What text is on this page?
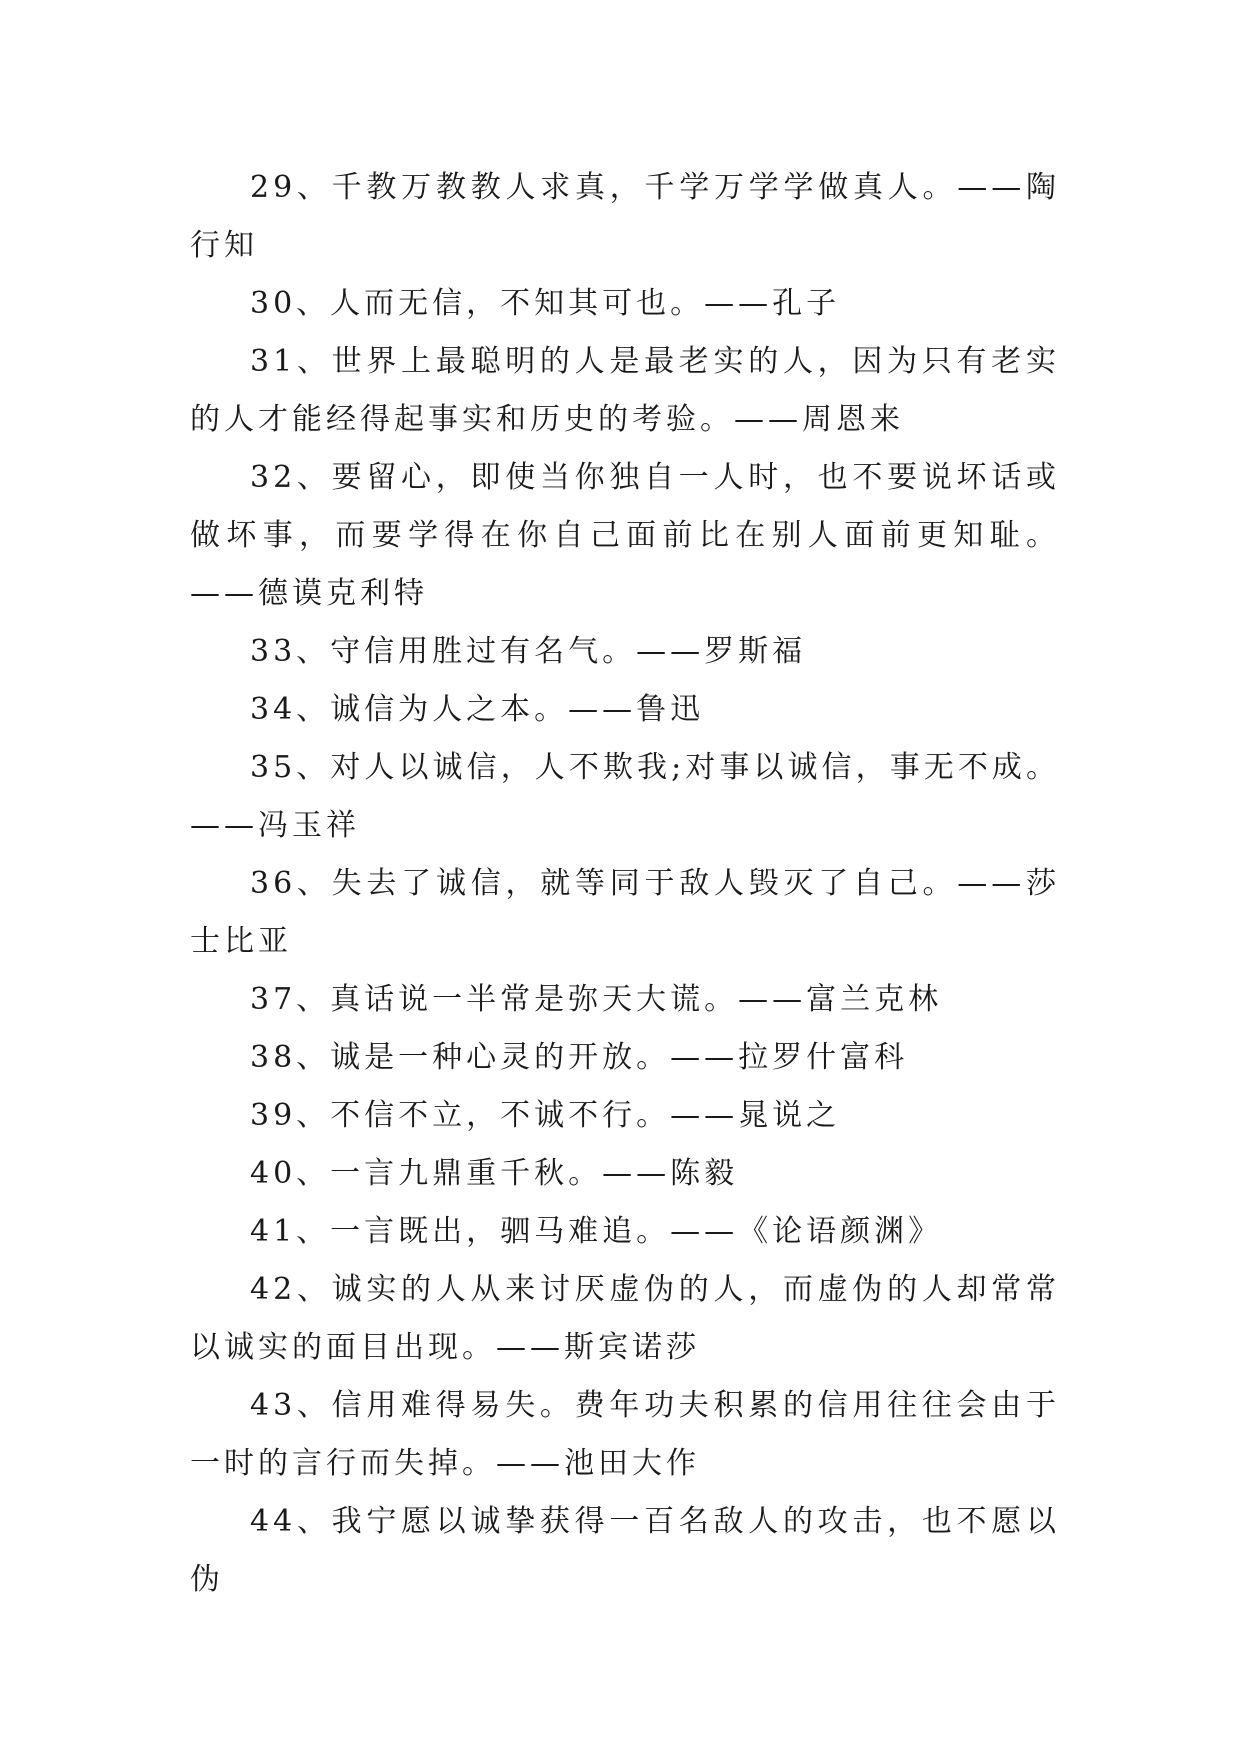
29、千教万教教人求真，千学万学学做真人。——陶行知

30、人而无信，不知其可也。——孔子

31、世界上最聪明的人是最老实的人，因为只有老实的人才能经得起事实和历史的考验。——周恩来

32、要留心，即使当你独自一人时，也不要说坏话或做坏事，而要学得在你自己面前比在别人面前更知耻。——德谟克利特

33、守信用胜过有名气。——罗斯福

34、诚信为人之本。——鲁迅

35、对人以诚信，人不欺我;对事以诚信，事无不成。——冯玉祥

36、失去了诚信，就等同于敌人毁灭了自己。——莎士比亚

37、真话说一半常是弥天大谎。——富兰克林

38、诚是一种心灵的开放。——拉罗什富科

39、不信不立，不诚不行。——晁说之

40、一言九鼎重千秋。——陈毅

41、一言既出，驷马难追。——《论语颜渊》

42、诚实的人从来讨厌虚伪的人，而虚伪的人却常常以诚实的面目出现。——斯宾诺莎

43、信用难得易失。费年功夫积累的信用往往会由于一时的言行而失掉。——池田大作

44、我宁愿以诚挚获得一百名敌人的攻击，也不愿以伪
